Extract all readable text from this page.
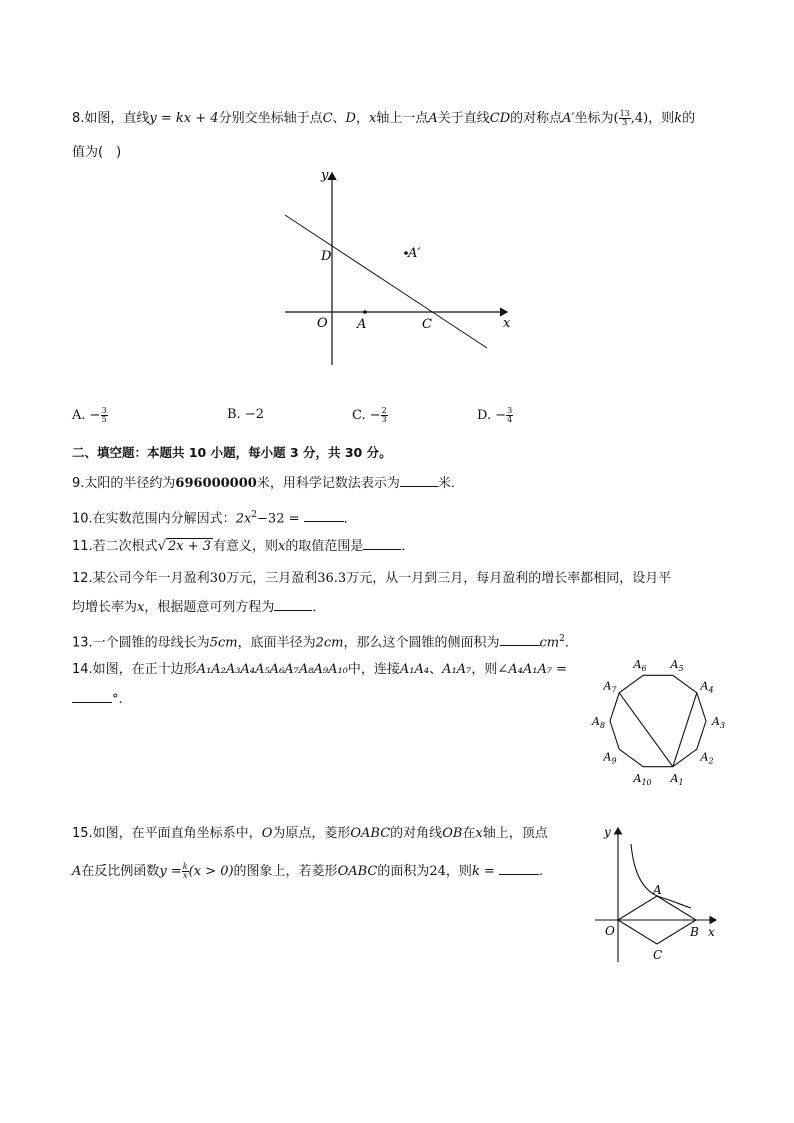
8.如图，直线y = kx + 4分别交坐标轴于点C、D，x轴上一点A关于直线CD的对称点A′坐标为( $\frac{13}{3} ,4$)，则k的
值为(　)
y
x
O A	C
D	A′
A. − $\frac{3}{5}$	B. −2	C. − $\frac{2}{3}$	D. − $\frac{3}{4}$
二、填空题：本题共 10 小题，每小题 3 分，共 30 分。
9.太阳的半径约为696000000米，用科学记数法表示为	米．
10.在实数范围内分解因式：$2x^2-32$ =	．
11.若二次根式√ 2x + 3 有意义，则x的取值范围是	．
12.某公司今年一月盈利30万元，三月盈利36.3万元，从一月到三月，每月盈利的增长率都相同，设月平
均增长率为x，根据题意可列方程为	．
13.一个圆锥的母线长为5cm，底面半径为2cm，那么这个圆锥的侧面积为	$cm^2$.
14.如图，在正十边形A₁A₂A₃A₄A₅A₆A₇A₈A₉A₁₀中，连接A₁A₄、A₁A₇，则∠A₄A₁A₇ =
°.
$A_1$
$A_2$
$A_3$
$A_4$
$A_5$
$A_6$
$A_7$
$A_8$
$A_9$
$A_{10}$
15.如图，在平面直角坐标系中，O为原点，菱形OABC的对角线OB在x轴上，顶点
A在反比例函数$y = \frac{k}{x} (x > 0)$的图象上，若菱形OABC的面积为24，则k =	.
y
x
O
A
B
C
